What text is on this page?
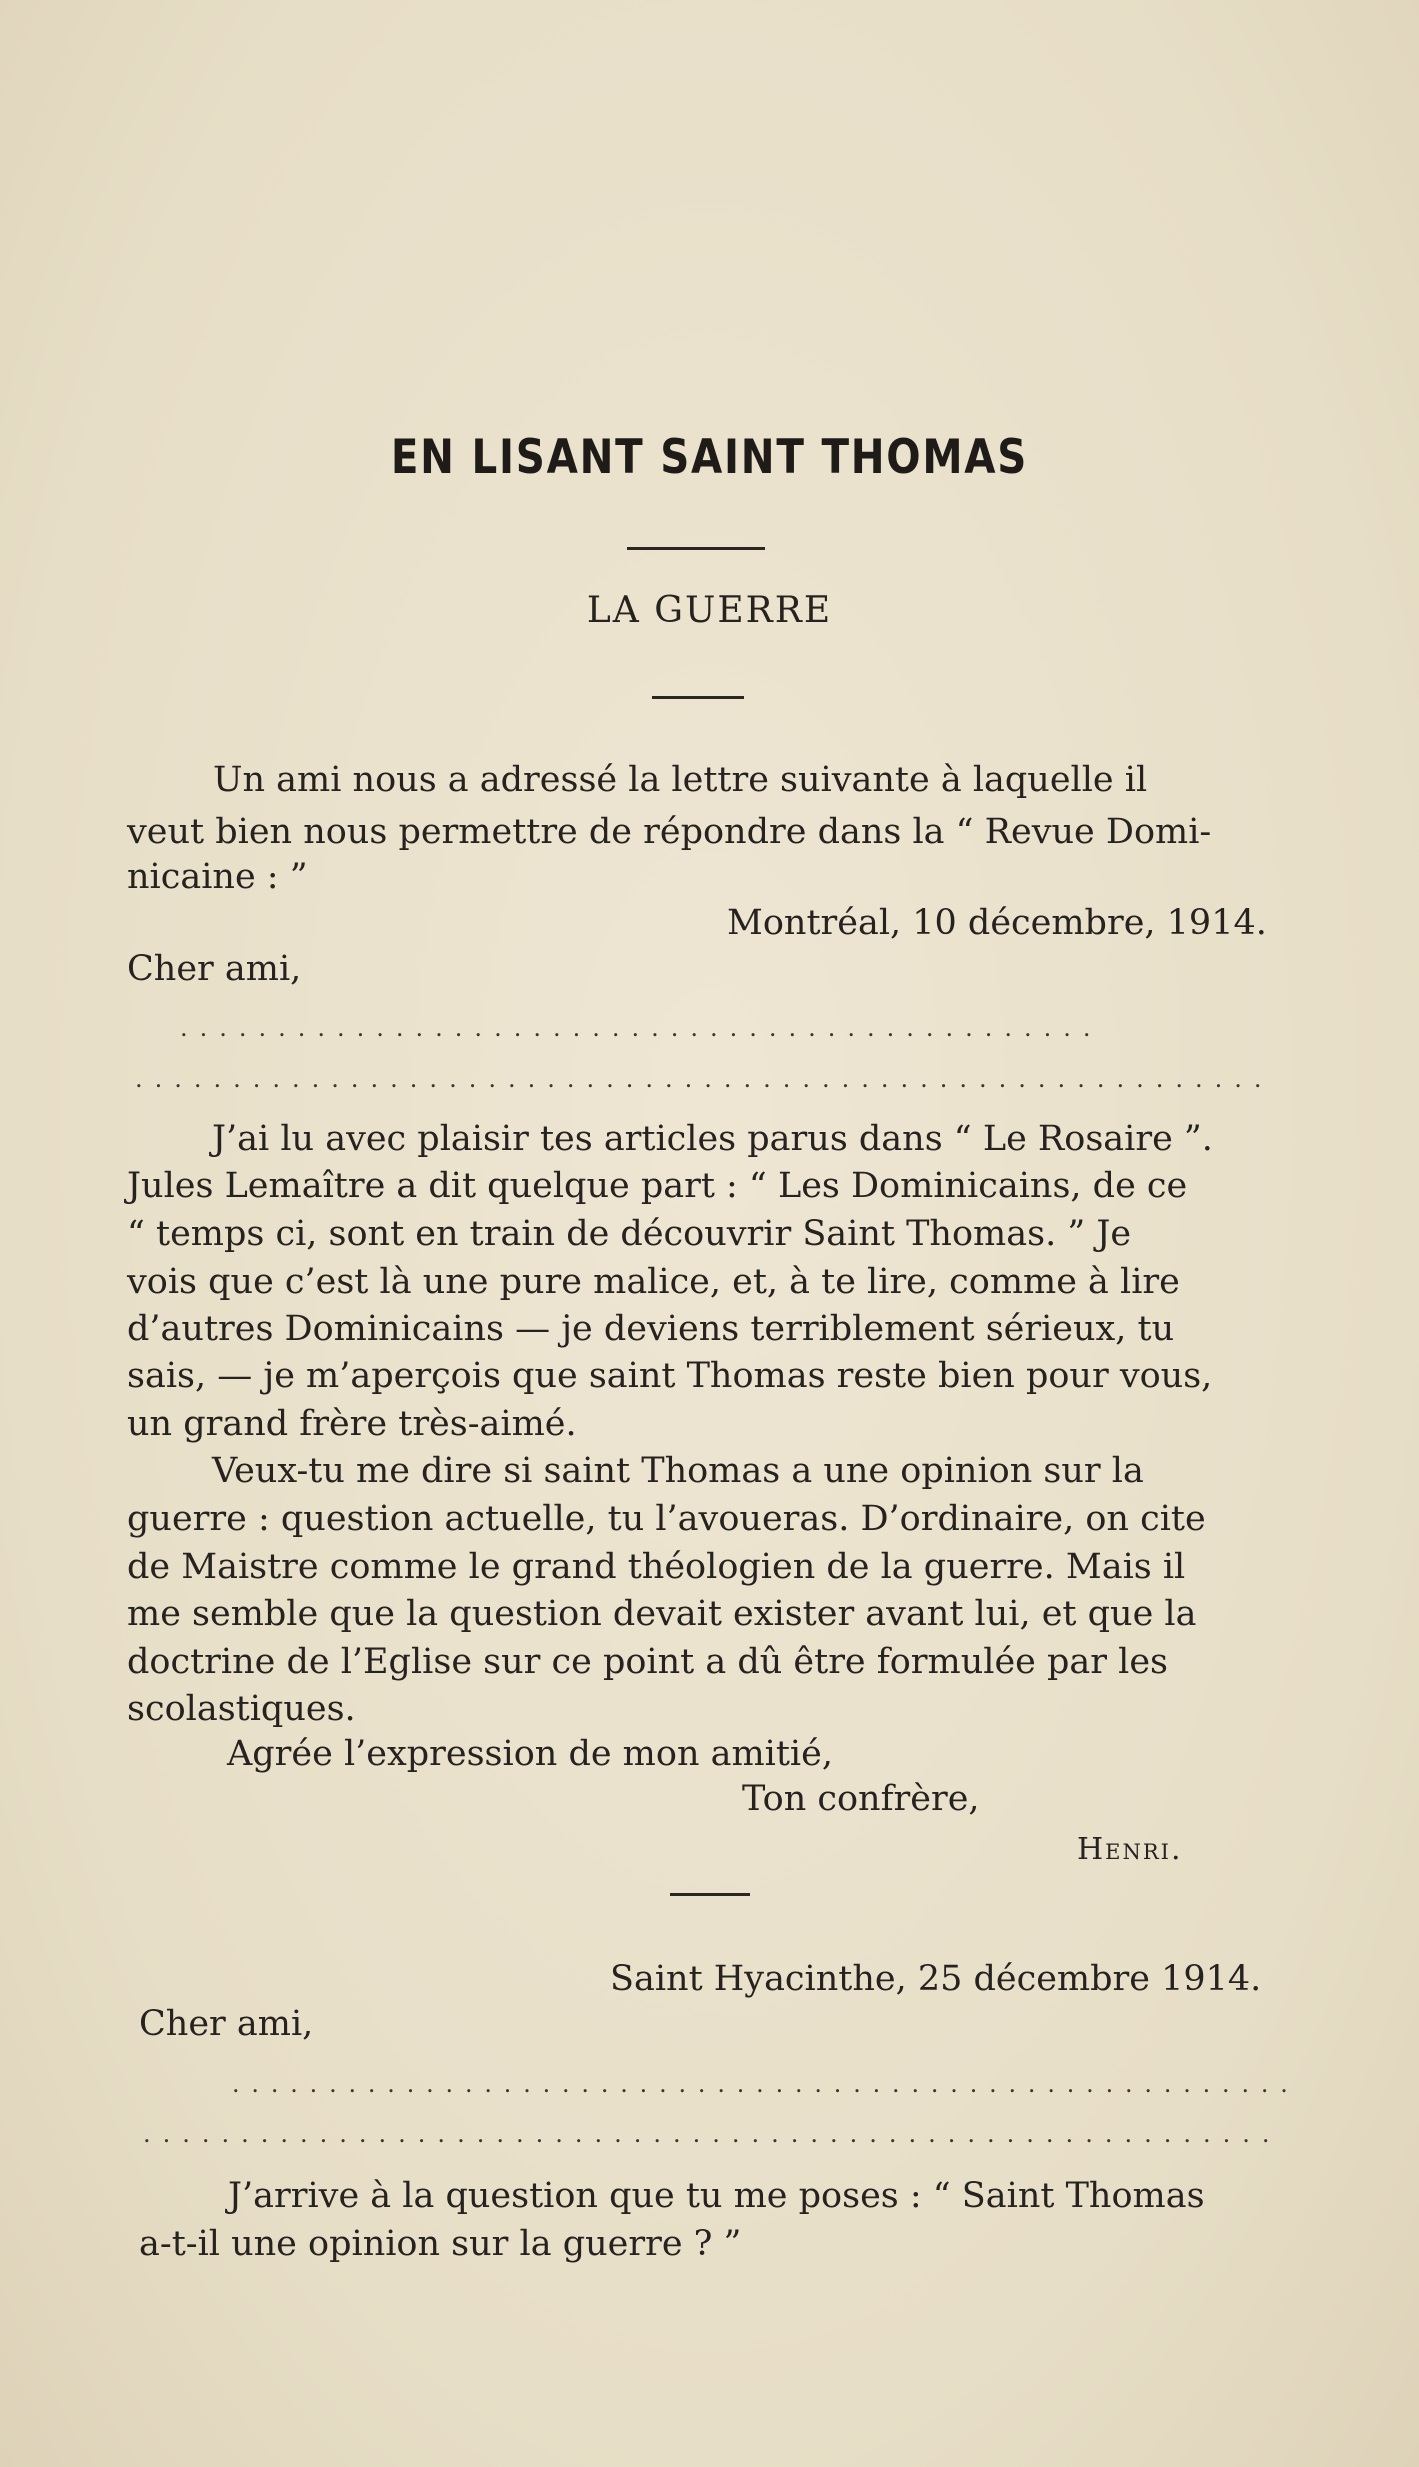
EN LISANT SAINT THOMAS
LA GUERRE
Un ami nous a adressé la lettre suivante à laquelle il
veut bien nous permettre de répondre dans la “ Revue Domi-
nicaine : ”
Montréal, 10 décembre, 1914.
Cher ami,
...............................................
..........................................................
J’ai lu avec plaisir tes articles parus dans “ Le Rosaire ”.
Jules Lemaître a dit quelque part : “ Les Dominicains, de ce
“ temps ci, sont en train de découvrir Saint Thomas. ” Je
vois que c’est là une pure malice, et, à te lire, comme à lire
d’autres Dominicains — je deviens terriblement sérieux, tu
sais, — je m’aperçois que saint Thomas reste bien pour vous,
un grand frère très-aimé.
Veux-tu me dire si saint Thomas a une opinion sur la
guerre : question actuelle, tu l’avoueras. D’ordinaire, on cite
de Maistre comme le grand théologien de la guerre. Mais il
me semble que la question devait exister avant lui, et que la
doctrine de l’Eglise sur ce point a dû être formulée par les
scolastiques.
Agrée l’expression de mon amitié,
Ton confrère,
Henri.
Saint Hyacinthe, 25 décembre 1914.
Cher ami,
.......................................................
..........................................................
J’arrive à la question que tu me poses : “ Saint Thomas
a-t-il une opinion sur la guerre ? ”
